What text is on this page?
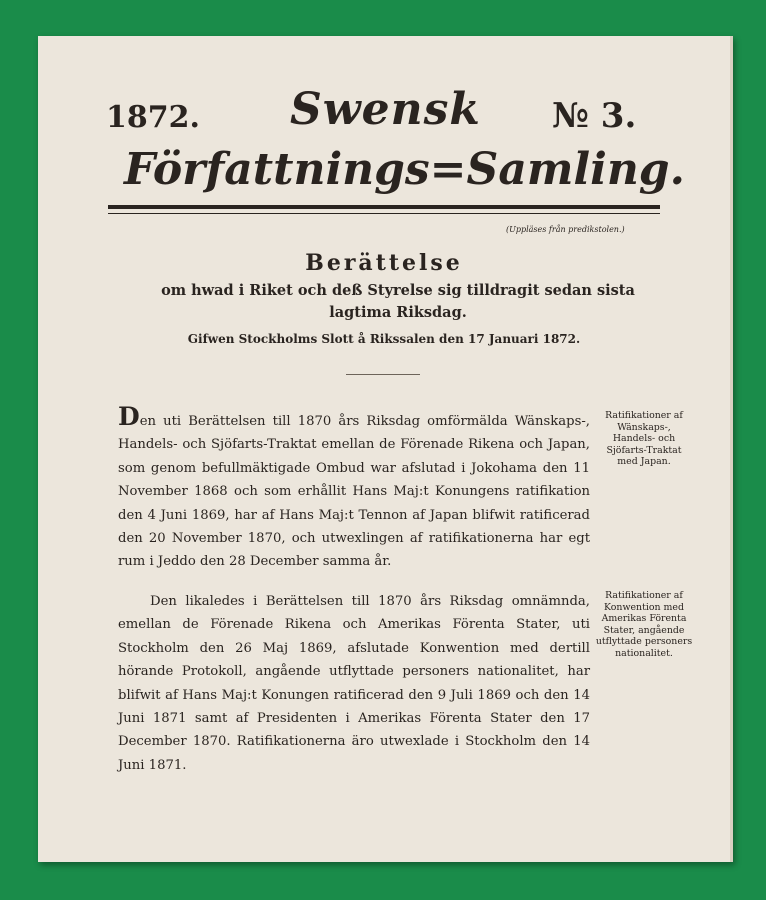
1872. Swensk № 3.
Författnings=Samling.
(Uppläses från predikstolen.)
Berättelse
om hwad i Riket och deß Styrelse sig tilldragit sedan sista lagtima Riksdag.
Gifwen Stockholms Slott å Rikssalen den 17 Januari 1872.
Den uti Berättelsen till 1870 års Riksdag omförmälda Wänskaps-, Handels- och Sjöfarts-Traktat emellan de Förenade Rikena och Japan, som genom befullmäktigade Ombud war afslutad i Jokohama den 11 November 1868 och som erhållit Hans Maj:t Konungens ratifikation den 4 Juni 1869, har af Hans Maj:t Tennon af Japan blifwit ratificerad den 20 November 1870, och utwexlingen af ratifikationerna har egt rum i Jeddo den 28 December samma år.
Ratifikationer af Wänskaps-, Handels- och Sjöfarts-Traktat med Japan.
Den likaledes i Berättelsen till 1870 års Riksdag omnämnda, emellan de Förenade Rikena och Amerikas Förenta Stater, uti Stockholm den 26 Maj 1869, afslutade Konwention med dertill hörande Protokoll, angående utflyttade personers nationalitet, har blifwit af Hans Maj:t Konungen ratificerad den 9 Juli 1869 och den 14 Juni 1871 samt af Presidenten i Amerikas Förenta Stater den 17 December 1870. Ratifikationerna äro utwexlade i Stockholm den 14 Juni 1871.
Ratifikationer af Konwention med Amerikas Förenta Stater, angående utflyttade personers nationalitet.
